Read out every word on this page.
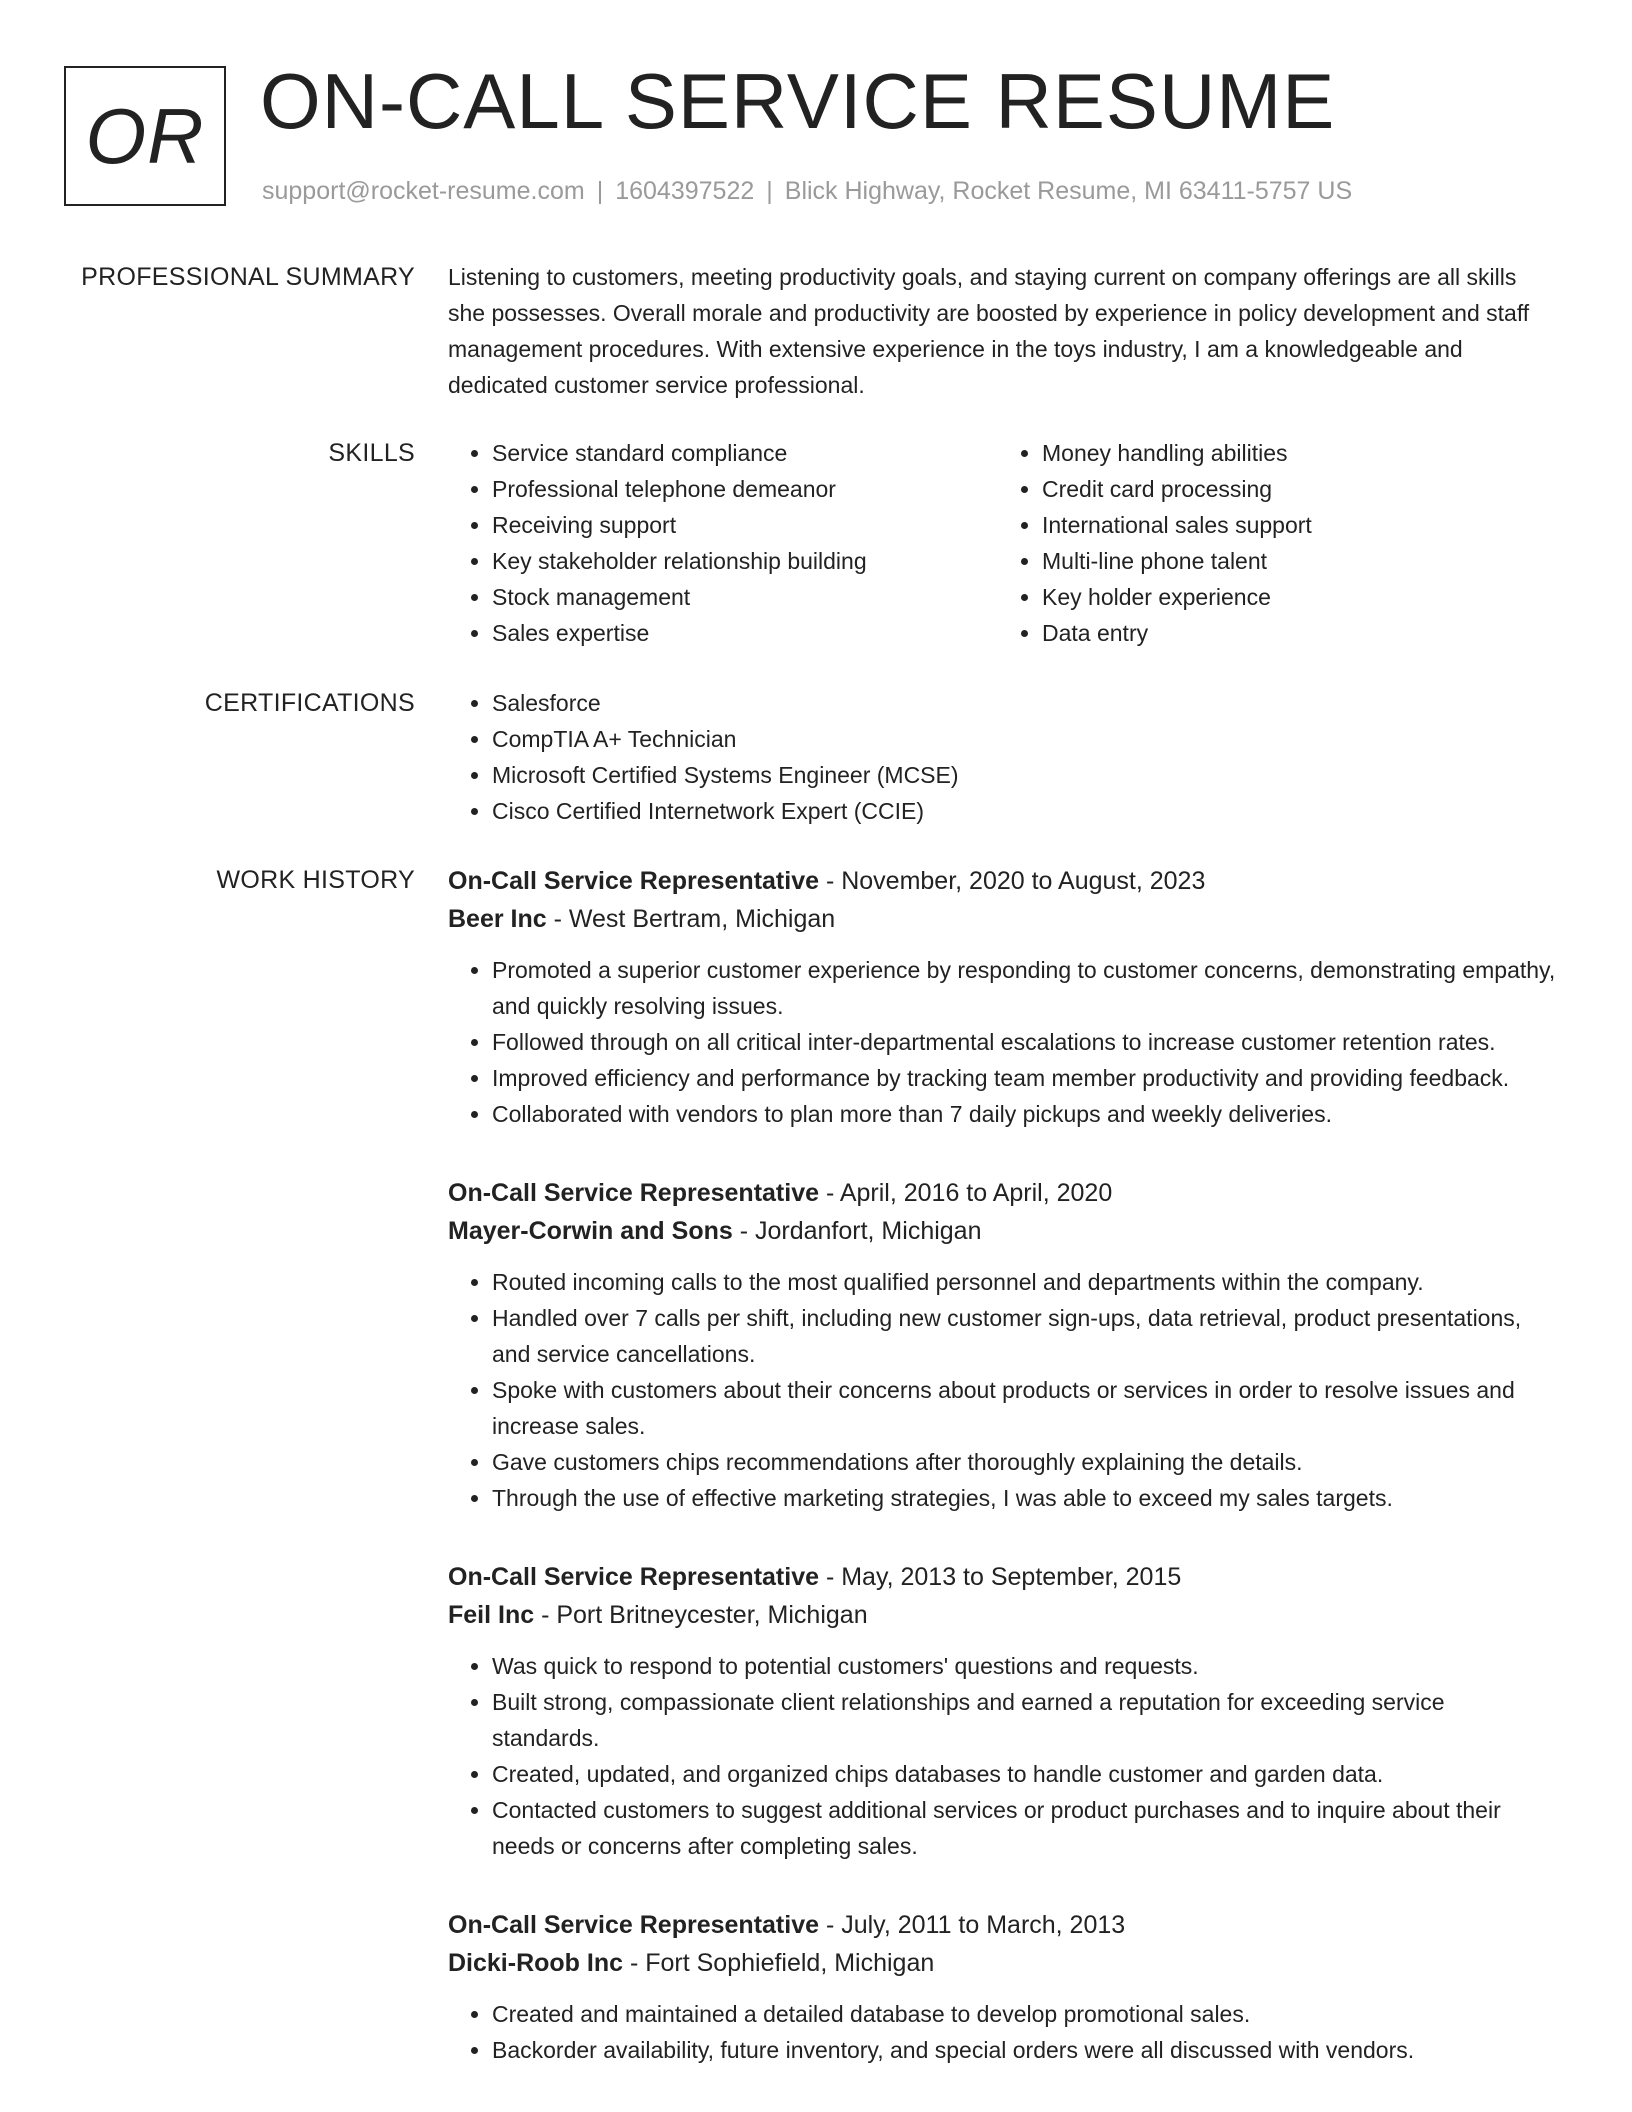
OR ON-CALL SERVICE RESUME
support@rocket-resume.com | 1604397522 | Blick Highway, Rocket Resume, MI 63411-5757 US
PROFESSIONAL SUMMARY Listening to customers, meeting productivity goals, and staying current on company offerings are all skills she possesses. Overall morale and productivity are boosted by experience in policy development and staff management procedures. With extensive experience in the toys industry, I am a knowledgeable and dedicated customer service professional.

SKILLS	• Service standard compliance
• Professional telephone demeanor
• Receiving support
• Key stakeholder relationship building
• Stock management
• Sales expertise
• Money handling abilities
• Credit card processing
• International sales support
• Multi-line phone talent
• Key holder experience
• Data entry
CERTIFICATIONS	• Salesforce
• CompTIA A+ Technician
• Microsoft Certified Systems Engineer (MCSE)
• Cisco Certified Internetwork Expert (CCIE)
WORK HISTORY On-Call Service Representative - November, 2020 to August, 2023
Beer Inc - West Bertram, Michigan
• Promoted a superior customer experience by responding to customer concerns, demonstrating empathy, and quickly resolving issues.
• Followed through on all critical inter-departmental escalations to increase customer retention rates.
• Improved efficiency and performance by tracking team member productivity and providing feedback.
• Collaborated with vendors to plan more than 7 daily pickups and weekly deliveries.
On-Call Service Representative - April, 2016 to April, 2020
Mayer-Corwin and Sons - Jordanfort, Michigan
• Routed incoming calls to the most qualified personnel and departments within the company.
• Handled over 7 calls per shift, including new customer sign-ups, data retrieval, product presentations, and service cancellations.
• Spoke with customers about their concerns about products or services in order to resolve issues and increase sales.
• Gave customers chips recommendations after thoroughly explaining the details.
• Through the use of effective marketing strategies, I was able to exceed my sales targets.
On-Call Service Representative - May, 2013 to September, 2015
Feil Inc - Port Britneycester, Michigan
• Was quick to respond to potential customers' questions and requests.
• Built strong, compassionate client relationships and earned a reputation for exceeding service standards.
• Created, updated, and organized chips databases to handle customer and garden data.
• Contacted customers to suggest additional services or product purchases and to inquire about their needs or concerns after completing sales.
On-Call Service Representative - July, 2011 to March, 2013
Dicki-Roob Inc - Fort Sophiefield, Michigan
• Created and maintained a detailed database to develop promotional sales.
• Backorder availability, future inventory, and special orders were all discussed with vendors.
